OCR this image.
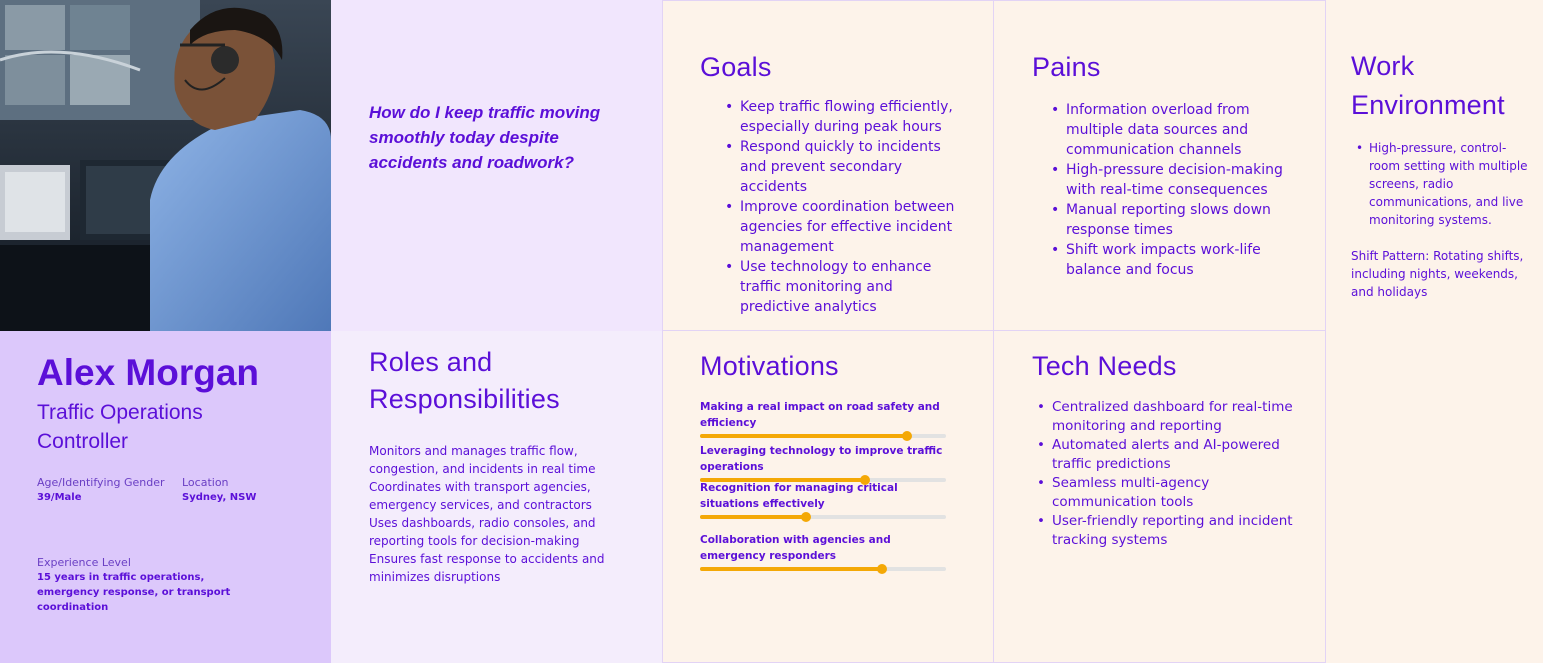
How do I keep traffic moving smoothly today despite accidents and roadwork?

Goals
• Keep traffic flowing efficiently, especially during peak hours
• Respond quickly to incidents and prevent secondary accidents
• Improve coordination between agencies for effective incident management
• Use technology to enhance traffic monitoring and predictive analytics
Pains
• Information overload from multiple data sources and communication channels
• High-pressure decision-making with real-time consequences
• Manual reporting slows down response times
• Shift work impacts work-life balance and focus
Work Environment
• High-pressure, control-room setting with multiple screens, radio communications, and live monitoring systems.

Shift Pattern: Rotating shifts, including nights, weekends, and holidays

Alex Morgan
Traffic Operations Controller
Age/Identifying Gender
39/Male
Location
Sydney, NSW
Experience Level
15 years in traffic operations, emergency response, or transport coordination
Roles and Responsibilities

Monitors and manages traffic flow, congestion, and incidents in real time

Coordinates with transport agencies, emergency services, and contractors

Uses dashboards, radio consoles, and reporting tools for decision-making

Ensures fast response to accidents and minimizes disruptions

Motivations
Making a real impact on road safety and efficiency
Leveraging technology to improve traffic operations
Recognition for managing critical situations effectively
Collaboration with agencies and emergency responders
Tech Needs
• Centralized dashboard for real-time monitoring and reporting
• Automated alerts and AI-powered traffic predictions
• Seamless multi-agency communication tools
• User-friendly reporting and incident tracking systems
